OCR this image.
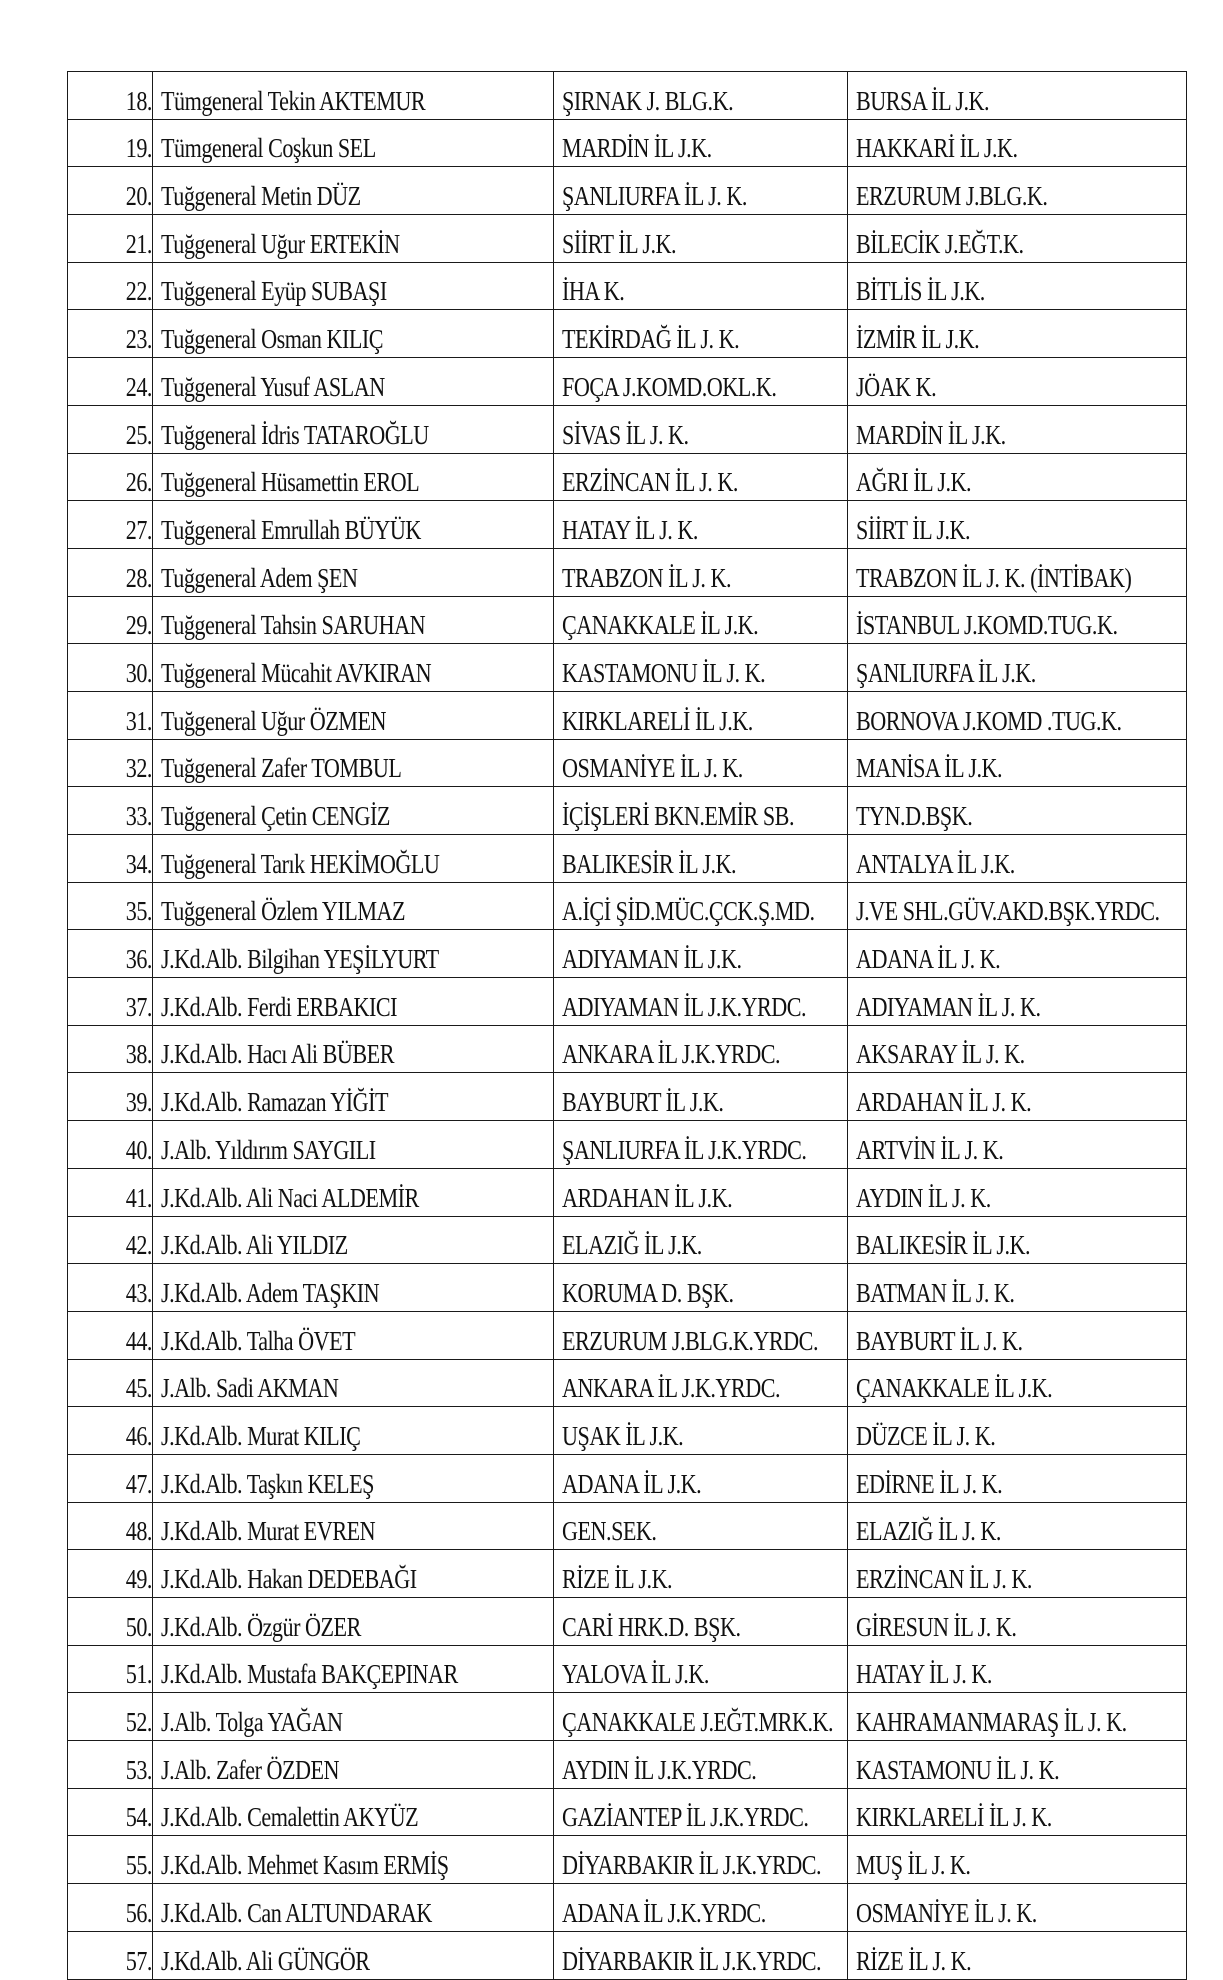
18.	Tümgeneral Tekin AKTEMUR	ŞIRNAK J. BLG.K.	BURSA İL J.K.
19.	Tümgeneral Coşkun SEL	MARDİN İL J.K.	HAKKARİ İL J.K.
20.	Tuğgeneral Metin DÜZ	ŞANLIURFA İL J. K.	ERZURUM J.BLG.K.
21.	Tuğgeneral Uğur ERTEKİN	SİİRT İL J.K.	BİLECİK J.EĞT.K.
22.	Tuğgeneral Eyüp SUBAŞI	İHA K.	BİTLİS İL J.K.
23.	Tuğgeneral Osman KILIÇ	TEKİRDAĞ İL J. K.	İZMİR İL J.K.
24.	Tuğgeneral Yusuf ASLAN	FOÇA J.KOMD.OKL.K.	JÖAK K.
25.	Tuğgeneral İdris TATAROĞLU	SİVAS İL J. K.	MARDİN İL J.K.
26.	Tuğgeneral Hüsamettin EROL	ERZİNCAN İL J. K.	AĞRI İL J.K.
27.	Tuğgeneral Emrullah BÜYÜK	HATAY İL J. K.	SİİRT İL J.K.
28.	Tuğgeneral Adem ŞEN	TRABZON İL J. K.	TRABZON İL J. K. (İNTİBAK)
29.	Tuğgeneral Tahsin SARUHAN	ÇANAKKALE İL J.K.	İSTANBUL J.KOMD.TUG.K.
30.	Tuğgeneral Mücahit AVKIRAN	KASTAMONU İL J. K.	ŞANLIURFA İL J.K.
31.	Tuğgeneral Uğur ÖZMEN	KIRKLARELİ İL J.K.	BORNOVA J.KOMD .TUG.K.
32.	Tuğgeneral Zafer TOMBUL	OSMANİYE İL J. K.	MANİSA İL J.K.
33.	Tuğgeneral Çetin CENGİZ	İÇİŞLERİ BKN.EMİR SB.	TYN.D.BŞK.
34.	Tuğgeneral Tarık HEKİMOĞLU	BALIKESİR İL J.K.	ANTALYA İL J.K.
35.	Tuğgeneral Özlem YILMAZ	A.İÇİ ŞİD.MÜC.ÇCK.Ş.MD.	J.VE SHL.GÜV.AKD.BŞK.YRDC.
36.	J.Kd.Alb. Bilgihan YEŞİLYURT	ADIYAMAN İL J.K.	ADANA İL J. K.
37.	J.Kd.Alb. Ferdi ERBAKICI	ADIYAMAN İL J.K.YRDC.	ADIYAMAN İL J. K.
38.	J.Kd.Alb. Hacı Ali BÜBER	ANKARA İL J.K.YRDC.	AKSARAY İL J. K.
39.	J.Kd.Alb. Ramazan YİĞİT	BAYBURT İL J.K.	ARDAHAN İL J. K.
40.	J.Alb. Yıldırım SAYGILI	ŞANLIURFA İL J.K.YRDC.	ARTVİN İL J. K.
41.	J.Kd.Alb. Ali Naci ALDEMİR	ARDAHAN İL J.K.	AYDIN İL J. K.
42.	J.Kd.Alb. Ali YILDIZ	ELAZIĞ İL J.K.	BALIKESİR İL J.K.
43.	J.Kd.Alb. Adem TAŞKIN	KORUMA D. BŞK.	BATMAN İL J. K.
44.	J.Kd.Alb. Talha ÖVET	ERZURUM J.BLG.K.YRDC.	BAYBURT İL J. K.
45.	J.Alb. Sadi AKMAN	ANKARA İL J.K.YRDC.	ÇANAKKALE İL J.K.
46.	J.Kd.Alb. Murat KILIÇ	UŞAK İL J.K.	DÜZCE İL J. K.
47.	J.Kd.Alb. Taşkın KELEŞ	ADANA İL J.K.	EDİRNE İL J. K.
48.	J.Kd.Alb. Murat EVREN	GEN.SEK.	ELAZIĞ İL J. K.
49.	J.Kd.Alb. Hakan DEDEBAĞI	RİZE İL J.K.	ERZİNCAN İL J. K.
50.	J.Kd.Alb. Özgür ÖZER	CARİ HRK.D. BŞK.	GİRESUN İL J. K.
51.	J.Kd.Alb. Mustafa BAKÇEPINAR	YALOVA İL J.K.	HATAY İL J. K.
52.	J.Alb. Tolga YAĞAN	ÇANAKKALE J.EĞT.MRK.K.	KAHRAMANMARAŞ İL J. K.
53.	J.Alb. Zafer ÖZDEN	AYDIN İL J.K.YRDC.	KASTAMONU İL J. K.
54.	J.Kd.Alb. Cemalettin AKYÜZ	GAZİANTEP İL J.K.YRDC.	KIRKLARELİ İL J. K.
55.	J.Kd.Alb. Mehmet Kasım ERMİŞ	DİYARBAKIR İL J.K.YRDC.	MUŞ İL J. K.
56.	J.Kd.Alb. Can ALTUNDARAK	ADANA İL J.K.YRDC.	OSMANİYE İL J. K.
57.	J.Kd.Alb. Ali GÜNGÖR	DİYARBAKIR İL J.K.YRDC.	RİZE İL J. K.
